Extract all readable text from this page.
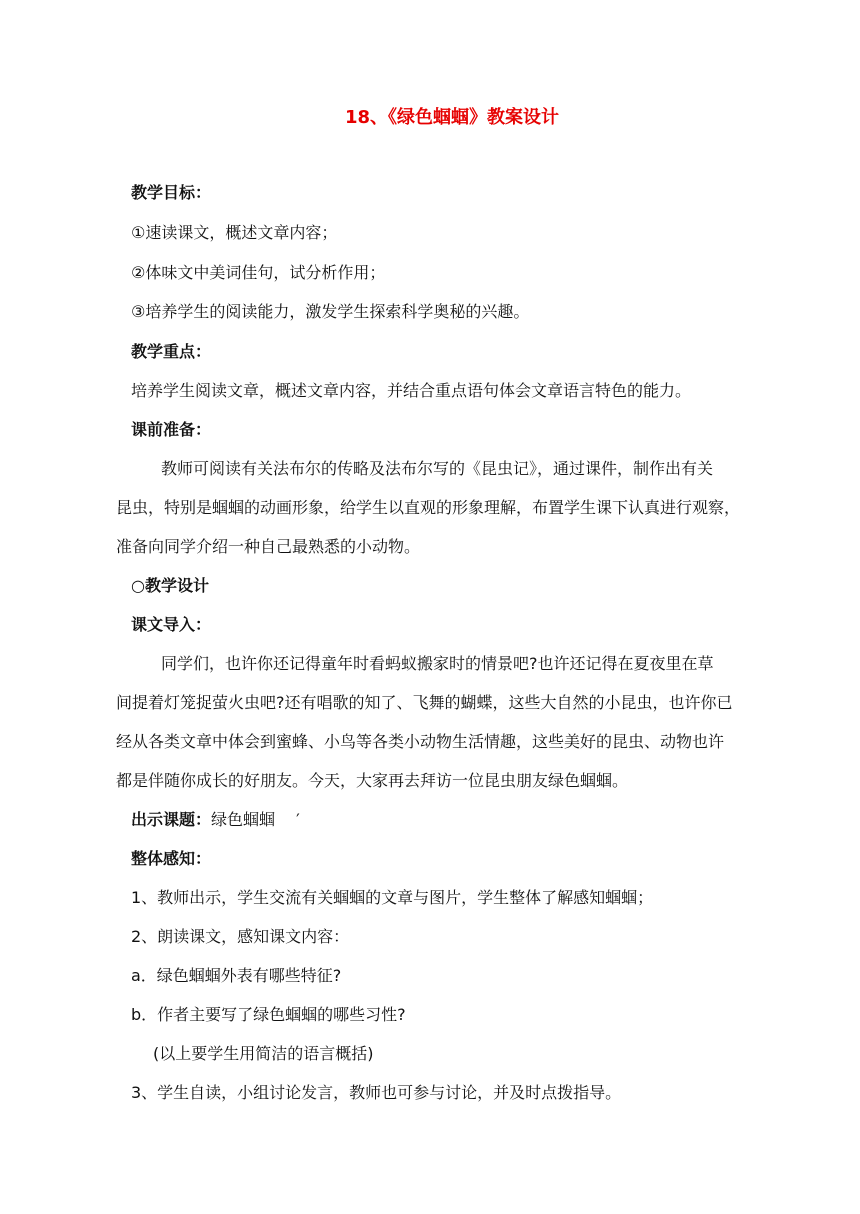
18、《绿色蝈蝈》教案设计
教学目标：
①速读课文，概述文章内容；
②体味文中美词佳句，试分析作用；
③培养学生的阅读能力，激发学生探索科学奥秘的兴趣。
教学重点：
培养学生阅读文章，概述文章内容，并结合重点语句体会文章语言特色的能力。
课前准备：
教师可阅读有关法布尔的传略及法布尔写的《昆虫记》，通过课件，制作出有关
昆虫，特别是蝈蝈的动画形象，给学生以直观的形象理解，布置学生课下认真进行观察，
准备向同学介绍一种自己最熟悉的小动物。
○教学设计
课文导入：
同学们，也许你还记得童年时看蚂蚁搬家时的情景吧?也许还记得在夏夜里在草
间提着灯笼捉萤火虫吧?还有唱歌的知了、飞舞的蝴蝶，这些大自然的小昆虫，也许你已
经从各类文章中体会到蜜蜂、小鸟等各类小动物生活情趣，这些美好的昆虫、动物也许
都是伴随你成长的好朋友。今天，大家再去拜访一位昆虫朋友绿色蝈蝈。
出示课题：绿色蝈蝈　 ′
整体感知：
1、教师出示，学生交流有关蝈蝈的文章与图片，学生整体了解感知蝈蝈；
2、朗读课文，感知课文内容：
a．绿色蝈蝈外表有哪些特征?
b．作者主要写了绿色蝈蝈的哪些习性?
(以上要学生用简洁的语言概括)
3、学生自读，小组讨论发言，教师也可参与讨论，并及时点拨指导。
